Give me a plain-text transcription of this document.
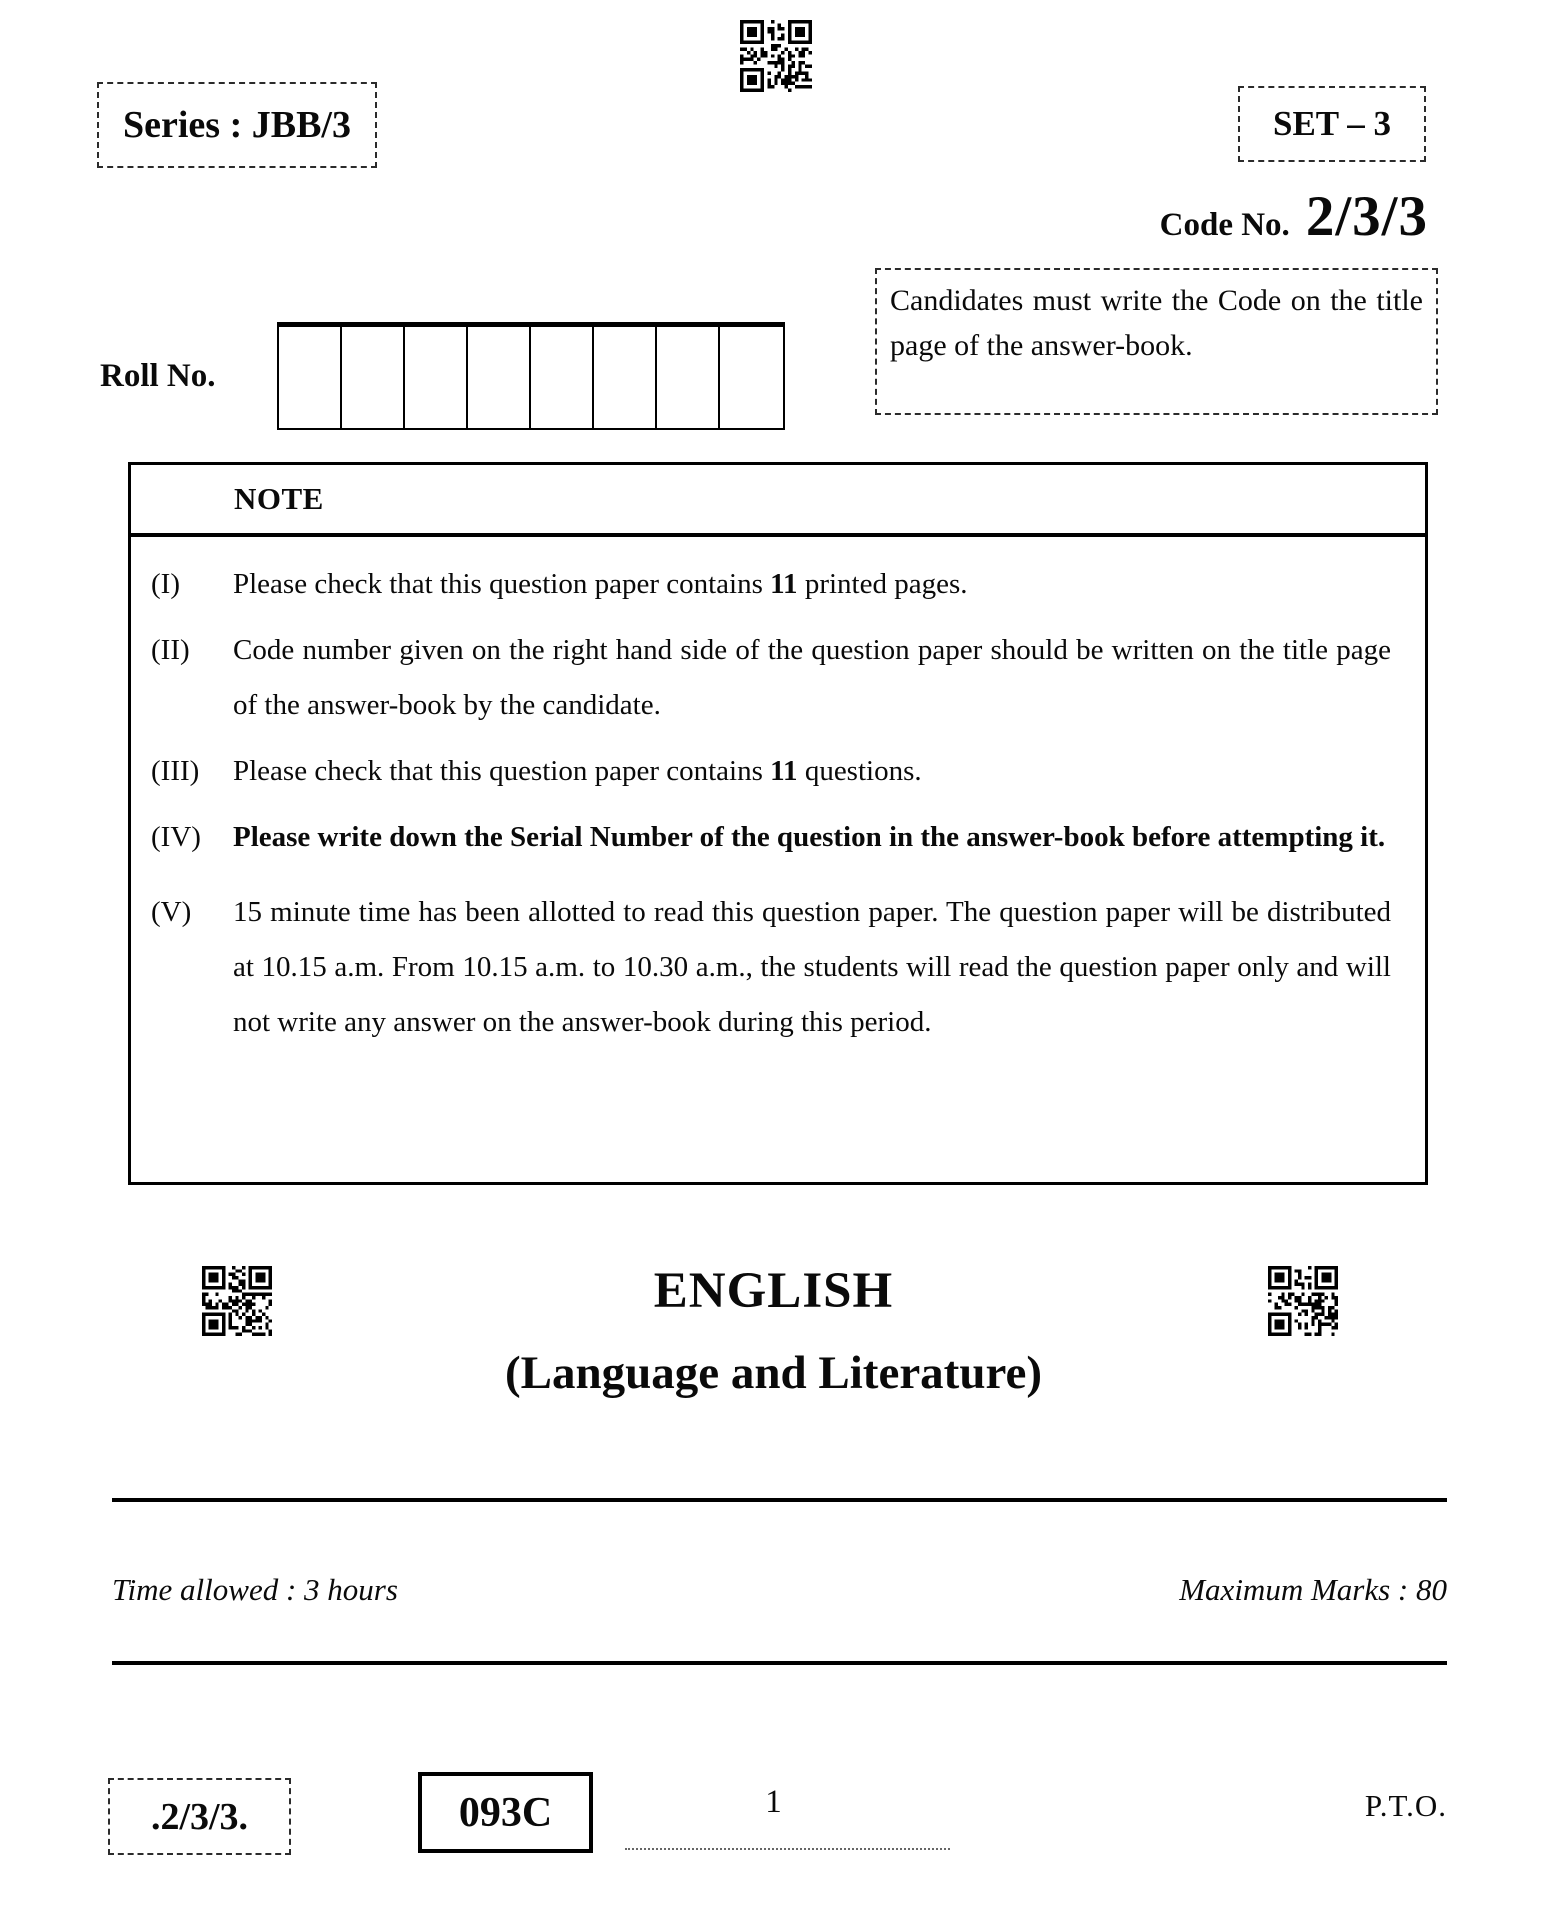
Series : JBB/3	SET – 3
Code No. 2/3/3
Roll No.

Candidates must write the Code on the title page of the answer-book.

NOTE
(I)	Please check that this question paper contains 11 printed pages.

(II)	Code number given on the right hand side of the question paper should be written on the title page of the answer-book by the candidate.

(III)	Please check that this question paper contains 11 questions.

(IV)	Please write down the Serial Number of the question in the answer-book before attempting it.

(V)	15 minute time has been allotted to read this question paper. The question paper will be distributed at 10.15 a.m. From 10.15 a.m. to 10.30 a.m., the students will read the question paper only and will not write any answer on the answer-book during this period.

ENGLISH
(Language and Literature)
Time allowed : 3 hours	Maximum Marks : 80
.2/3/3.	093C	1	P.T.O.
